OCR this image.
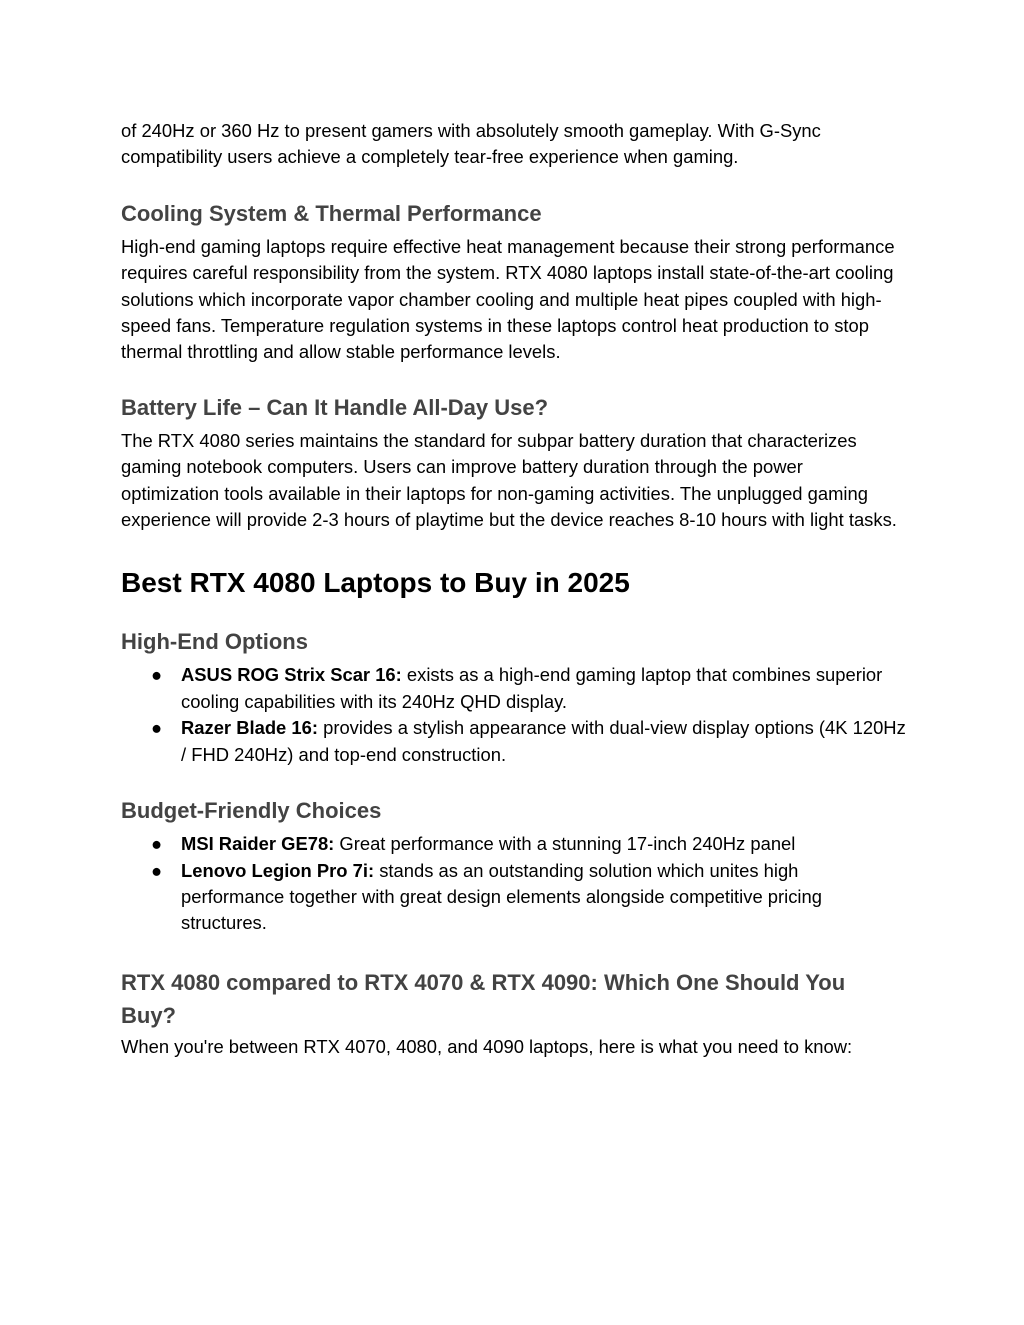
of 240Hz or 360 Hz to present gamers with absolutely smooth gameplay. With G-Sync compatibility users achieve a completely tear-free experience when gaming.

Cooling System & Thermal Performance

High-end gaming laptops require effective heat management because their strong performance requires careful responsibility from the system. RTX 4080 laptops install state-of-the-art cooling solutions which incorporate vapor chamber cooling and multiple heat pipes coupled with high-speed fans. Temperature regulation systems in these laptops control heat production to stop thermal throttling and allow stable performance levels.

Battery Life – Can It Handle All-Day Use?

The RTX 4080 series maintains the standard for subpar battery duration that characterizes gaming notebook computers. Users can improve battery duration through the power optimization tools available in their laptops for non-gaming activities. The unplugged gaming experience will provide 2-3 hours of playtime but the device reaches 8-10 hours with light tasks.

Best RTX 4080 Laptops to Buy in 2025
High-End Options
● ASUS ROG Strix Scar 16: exists as a high-end gaming laptop that combines superior cooling capabilities with its 240Hz QHD display.
● Razer Blade 16: provides a stylish appearance with dual-view display options (4K 120Hz / FHD 240Hz) and top-end construction.
Budget-Friendly Choices
● MSI Raider GE78: Great performance with a stunning 17-inch 240Hz panel
● Lenovo Legion Pro 7i: stands as an outstanding solution which unites high performance together with great design elements alongside competitive pricing structures.
RTX 4080 compared to RTX 4070 & RTX 4090: Which One Should You Buy?

When you're between RTX 4070, 4080, and 4090 laptops, here is what you need to know:
